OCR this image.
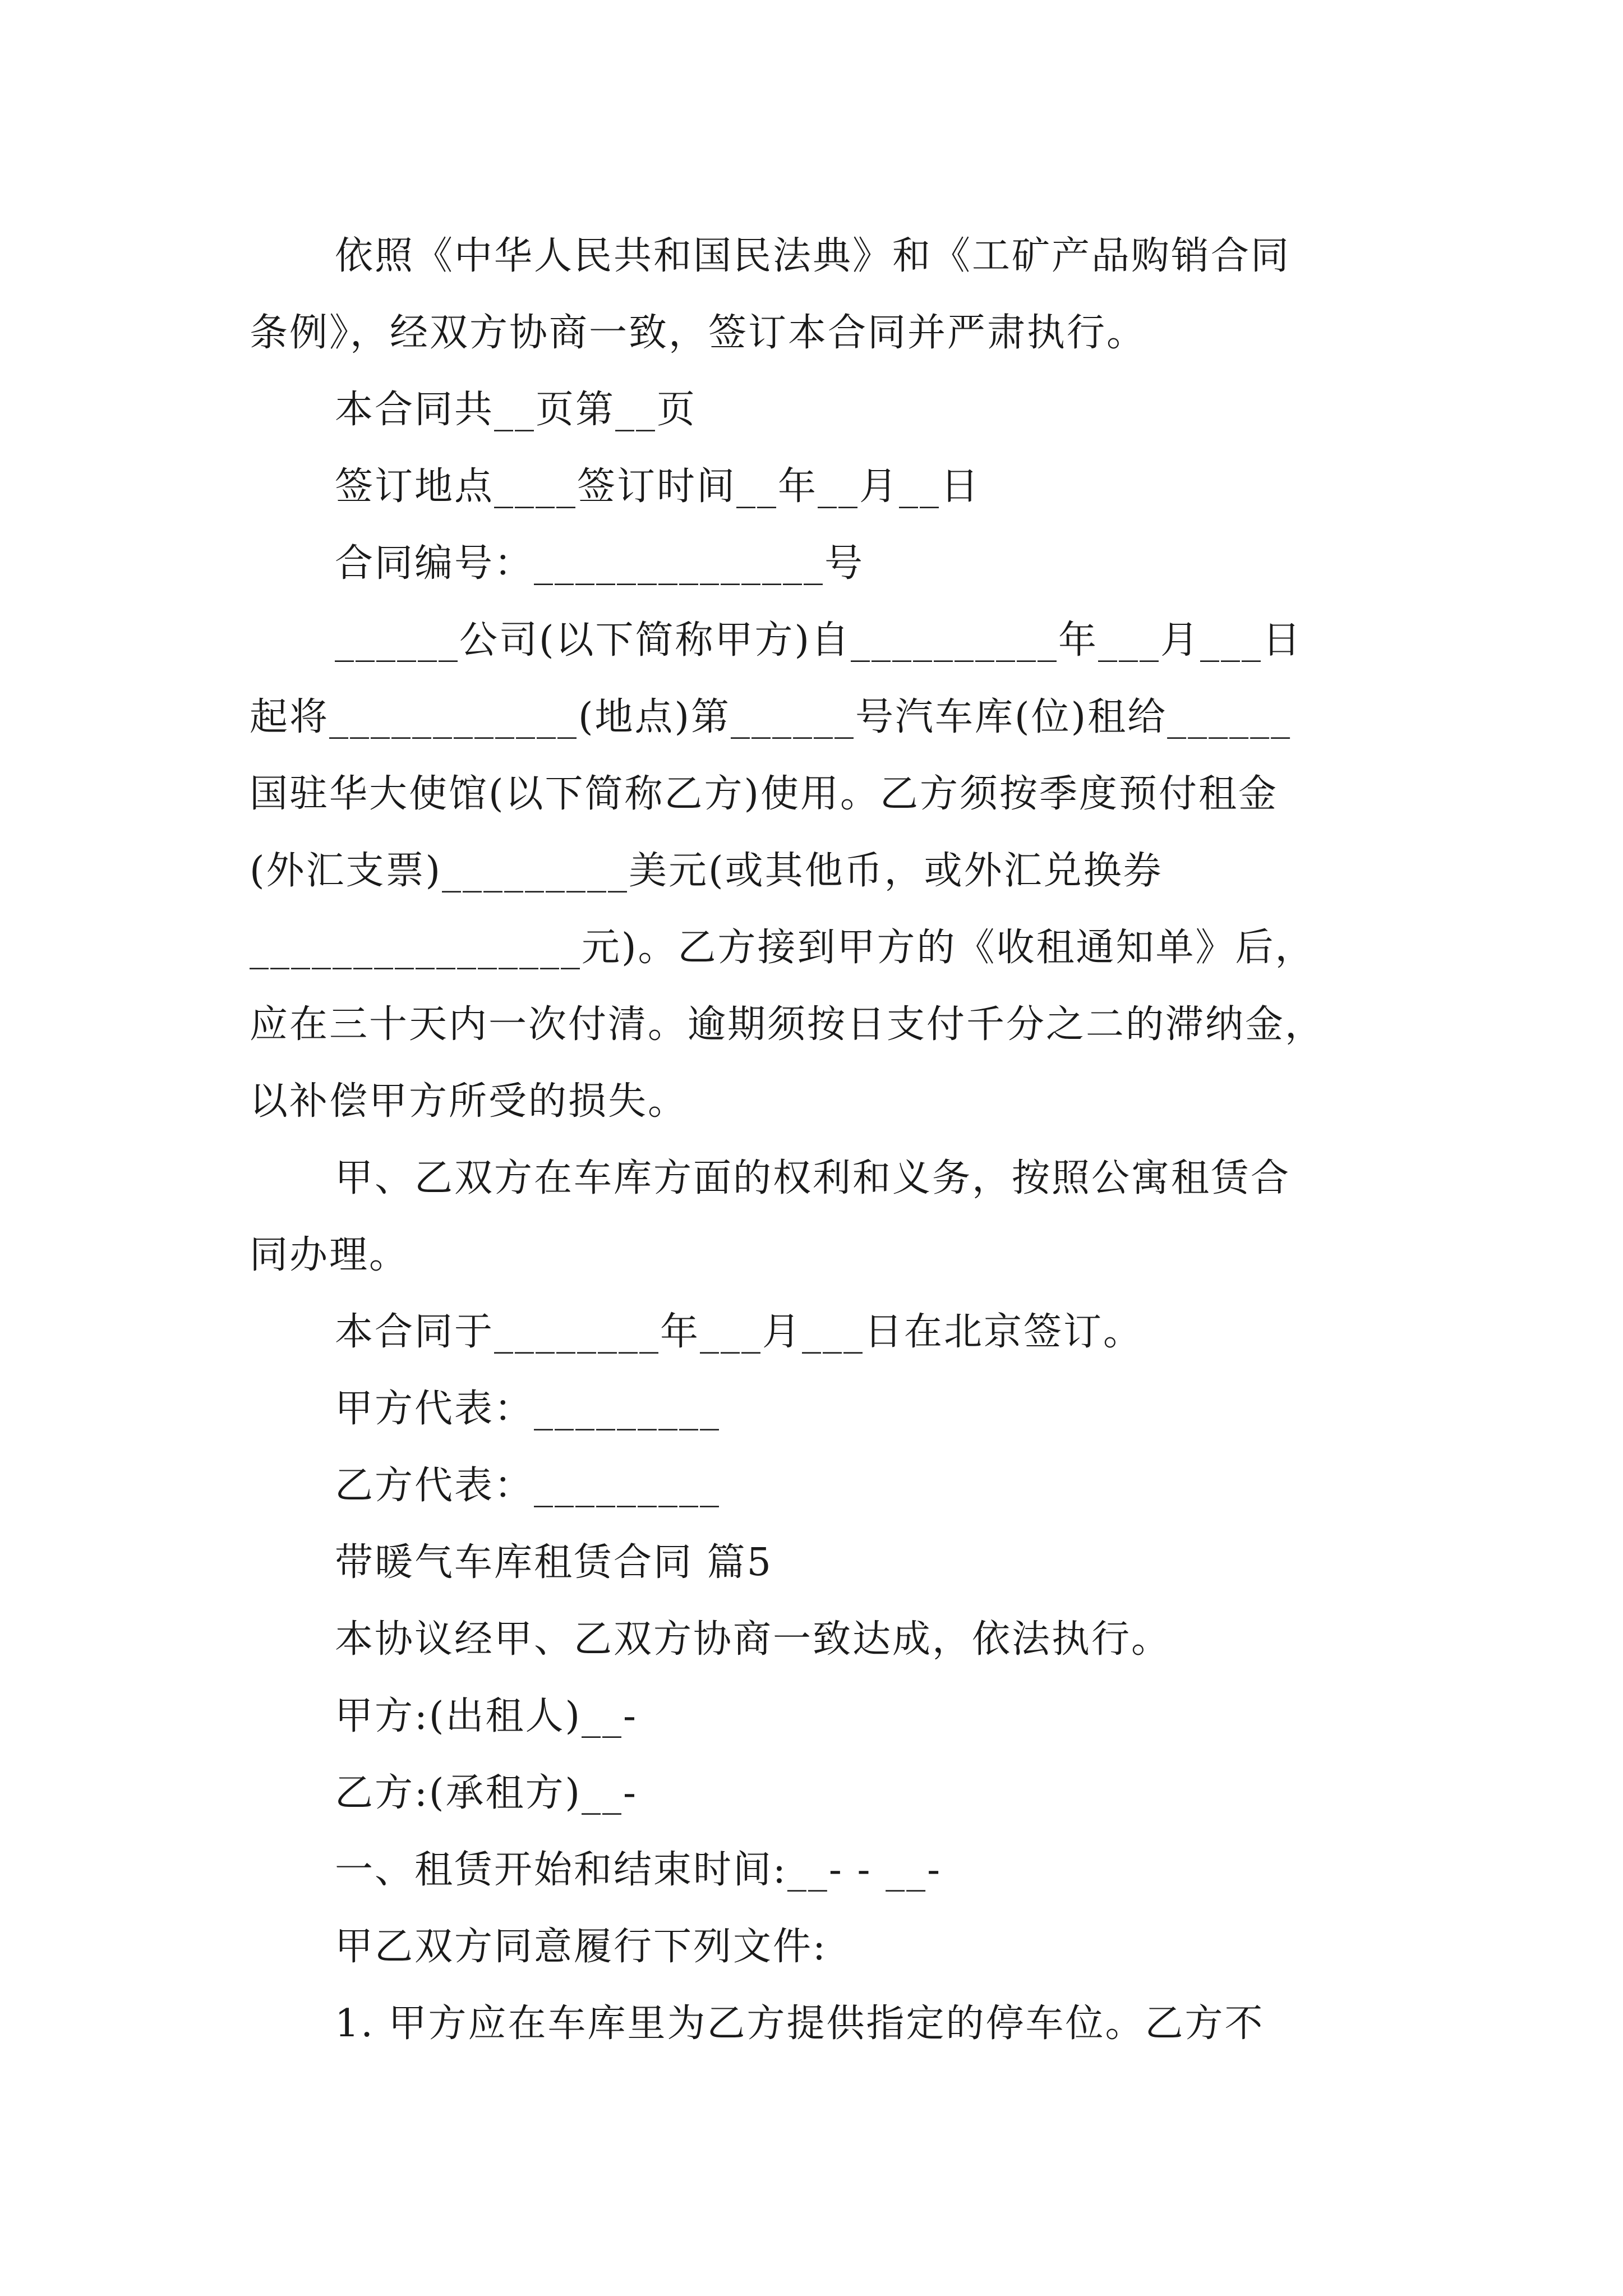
依照《中华人民共和国民法典》和《工矿产品购销合同
条例》，经双方协商一致，签订本合同并严肃执行。
本合同共__页第__页
签订地点____签订时间__年__月__日
合同编号：______________号
______公司(以下简称甲方)自__________年___月___日
起将____________(地点)第______号汽车库(位)租给______
国驻华大使馆(以下简称乙方)使用。乙方须按季度预付租金
(外汇支票)_________美元(或其他币，或外汇兑换券
________________元)。乙方接到甲方的《收租通知单》后，
应在三十天内一次付清。逾期须按日支付千分之二的滞纳金，
以补偿甲方所受的损失。
甲、乙双方在车库方面的权利和义务，按照公寓租赁合
同办理。
本合同于________年___月___日在北京签订。
甲方代表：_________
乙方代表：_________
带暖气车库租赁合同 篇5
本协议经甲、乙双方协商一致达成，依法执行。
甲方:(出租人)__-
乙方:(承租方)__-
一、租赁开始和结束时间:__- - __-
甲乙双方同意履行下列文件:
1. 甲方应在车库里为乙方提供指定的停车位。乙方不
